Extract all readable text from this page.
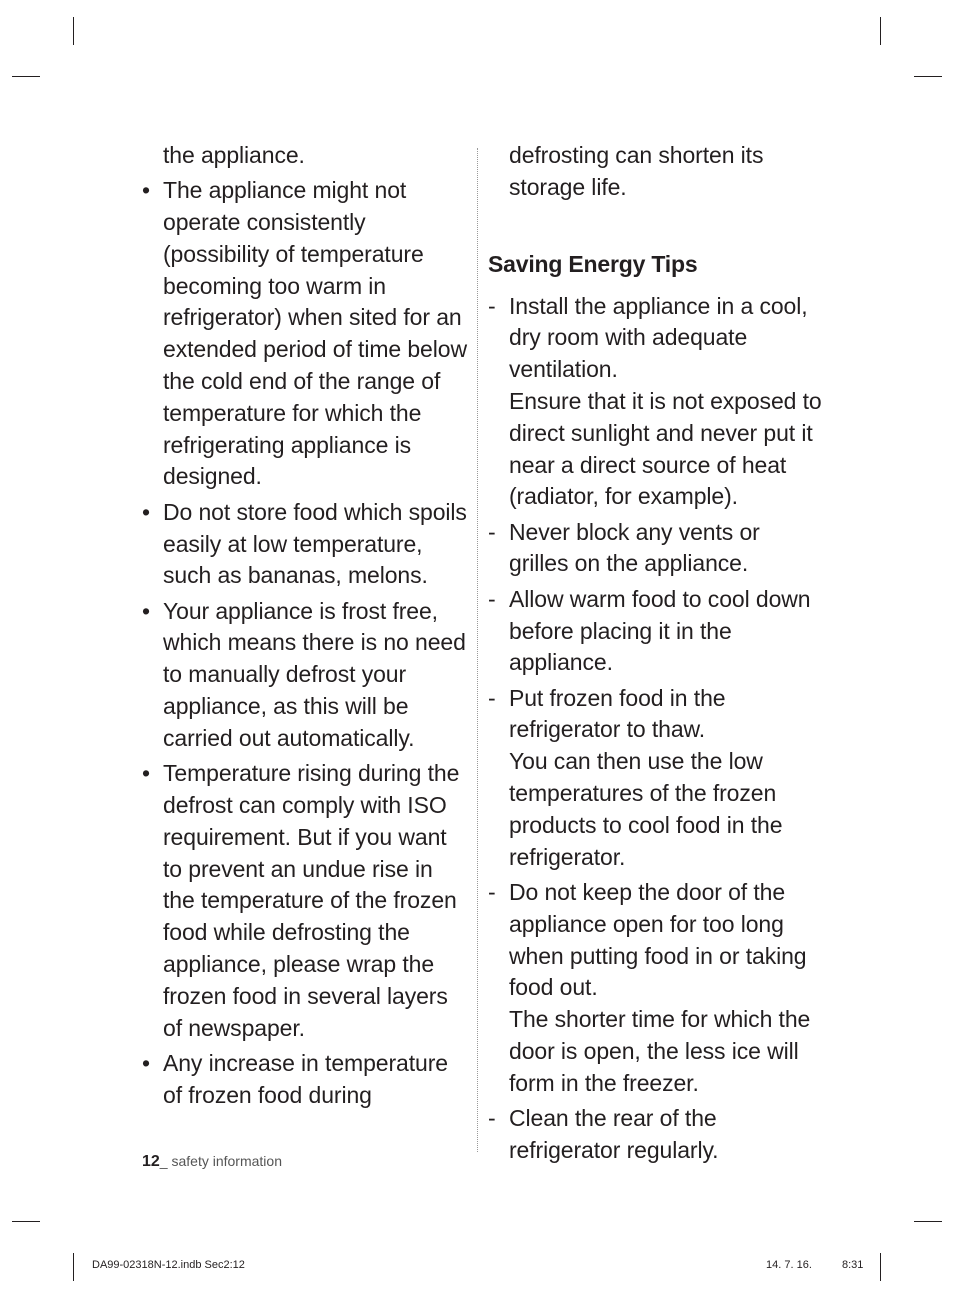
the appliance.

• The appliance might not operate consistently (possibility of temperature becoming too warm in refrigerator) when sited for an extended period of time below the cold end of the range of temperature for which the refrigerating appliance is designed.
• Do not store food which spoils easily at low temperature, such as bananas, melons.
• Your appliance is frost free, which means there is no need to manually defrost your appliance, as this will be carried out automatically.
• Temperature rising during the defrost can comply with ISO requirement. But if you want to prevent an undue rise in the temperature of the frozen food while defrosting the appliance, please wrap the frozen food in several layers of newspaper.
• Any increase in temperature of frozen food during

defrosting can shorten its storage life.

Saving Energy Tips
- Install the appliance in a cool, dry room with adequate ventilation.
Ensure that it is not exposed to direct sunlight and never put it near a direct source of heat (radiator, for example).
- Never block any vents or grilles on the appliance.
- Allow warm food to cool down before placing it in the appliance.
- Put frozen food in the refrigerator to thaw.
You can then use the low temperatures of the frozen products to cool food in the refrigerator.
- Do not keep the door of the appliance open for too long when putting food in or taking food out.
The shorter time for which the door is open, the less ice will form in the freezer.
- Clean the rear of the refrigerator regularly.
12_ safety information
DA99-02318N-12.indb Sec2:12	14. 7. 16.	8:31
